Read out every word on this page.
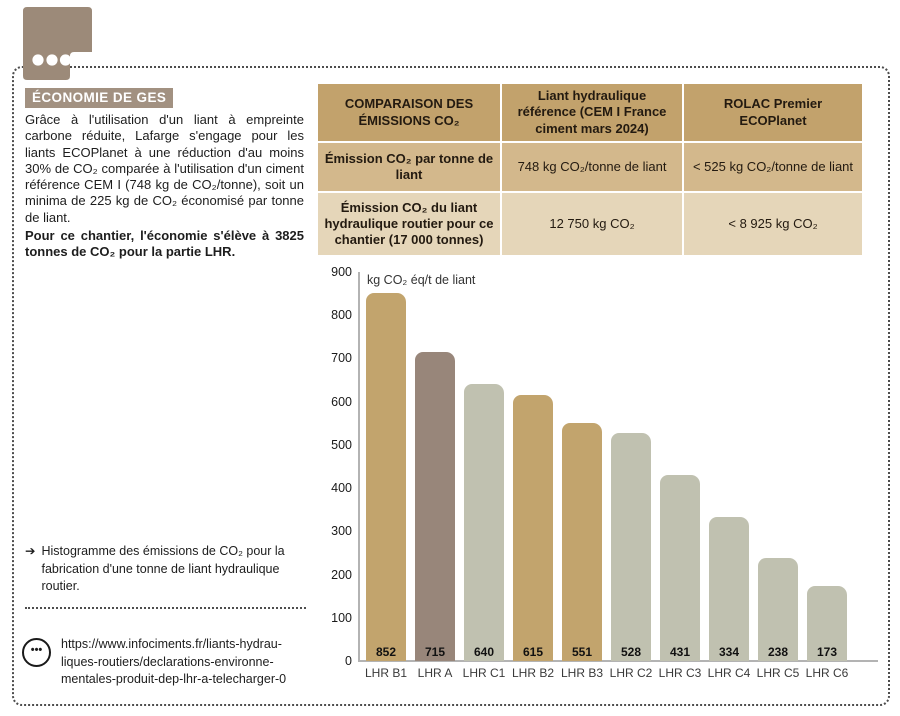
ÉCONOMIE DE GES

Grâce à l'utilisation d'un liant à empreinte carbone réduite, Lafarge s'engage pour les liants ECOPlanet à une réduction d'au moins 30% de CO₂ comparée à l'utilisation d'un ciment référence CEM I (748 kg de CO₂/tonne), soit un minima de 225 kg de CO₂ économisé par tonne de liant.

Pour ce chantier, l'économie s'élève à 3825 tonnes de CO₂ pour la partie LHR.

COMPARAISON DES ÉMISSIONS CO₂
Liant hydraulique référence (CEM I France ciment mars 2024)
ROLAC Premier ECOPlanet
Émission CO₂ par tonne de liant
748 kg CO₂/tonne de liant	< 525 kg CO₂/tonne de liant
Émission CO₂ du liant hydraulique routier pour ce chantier (17 000 tonnes)
12 750 kg CO₂	< 8 925 kg CO₂
kg CO₂ éq/t de liant
0
100
200
300
400
500
600
700
800
900
852
LHR B1
715
LHR A
640
LHR C1
615
LHR B2
551
LHR B3
528
LHR C2
431
LHR C3
334
LHR C4
238
LHR C5
173
LHR C6
➔ Histogramme des émissions de CO₂ pour la fabrication d'une tonne de liant hydraulique routier.
••• https://www.infociments.fr/liants-hydrau-
liques-routiers/declarations-environne-
mentales-produit-dep-lhr-a-telecharger-0
